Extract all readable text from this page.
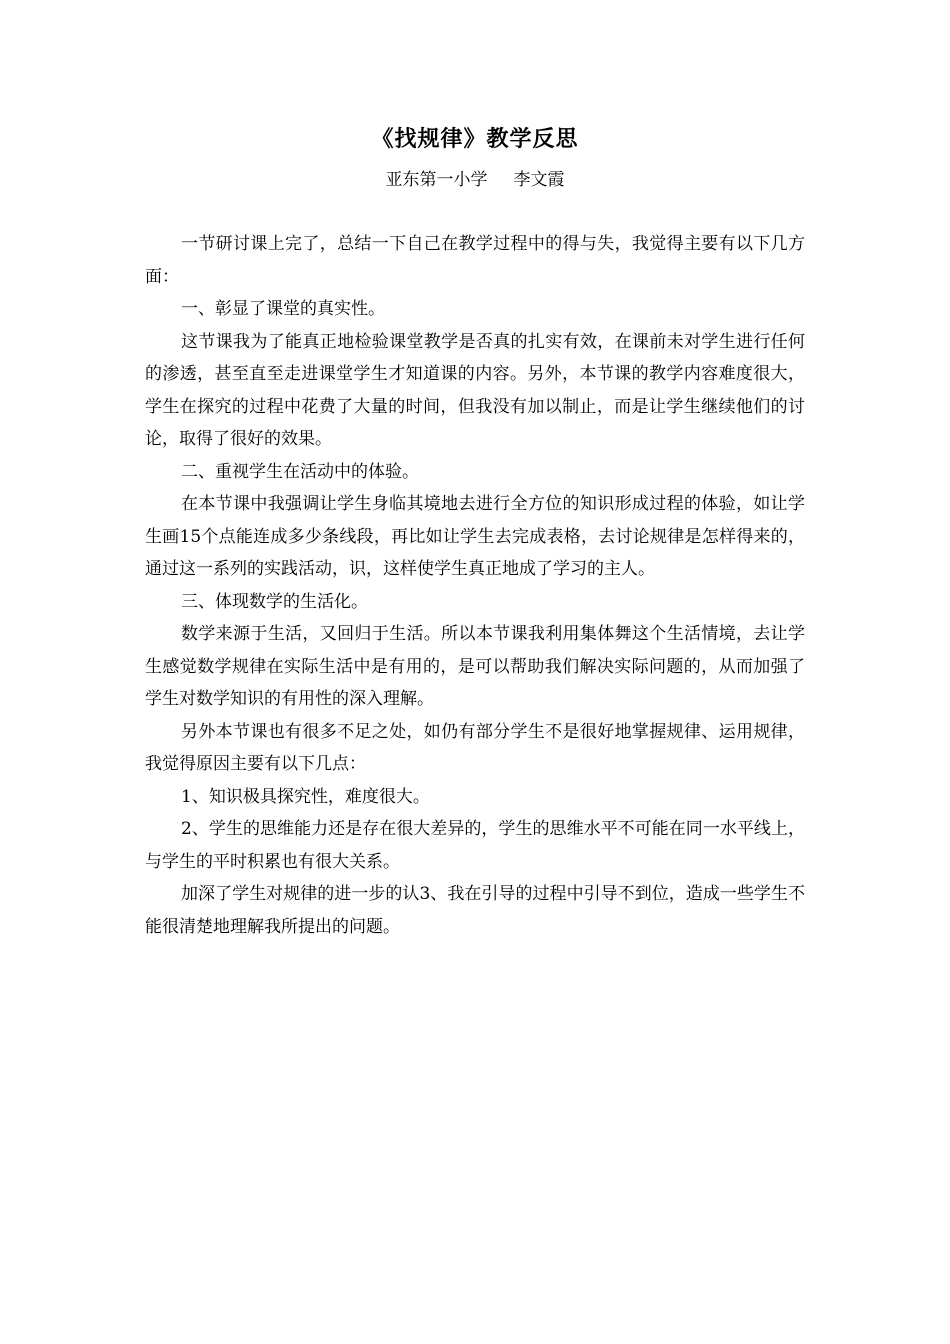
《找规律》教学反思
亚东第一小学 李文霞

一节研讨课上完了，总结一下自己在教学过程中的得与失，我觉得主要有以下几方面：

一、彰显了课堂的真实性。

这节课我为了能真正地检验课堂教学是否真的扎实有效，在课前未对学生进行任何的渗透，甚至直至走进课堂学生才知道课的内容。另外，本节课的教学内容难度很大，学生在探究的过程中花费了大量的时间，但我没有加以制止，而是让学生继续他们的讨论，取得了很好的效果。

二、重视学生在活动中的体验。

在本节课中我强调让学生身临其境地去进行全方位的知识形成过程的体验，如让学生画15个点能连成多少条线段，再比如让学生去完成表格，去讨论规律是怎样得来的，通过这一系列的实践活动，识，这样使学生真正地成了学习的主人。

三、体现数学的生活化。

数学来源于生活，又回归于生活。所以本节课我利用集体舞这个生活情境，去让学生感觉数学规律在实际生活中是有用的，是可以帮助我们解决实际问题的，从而加强了学生对数学知识的有用性的深入理解。

另外本节课也有很多不足之处，如仍有部分学生不是很好地掌握规律、运用规律，我觉得原因主要有以下几点：

1、知识极具探究性，难度很大。

2、学生的思维能力还是存在很大差异的，学生的思维水平不可能在同一水平线上，与学生的平时积累也有很大关系。

加深了学生对规律的进一步的认3、我在引导的过程中引导不到位，造成一些学生不能很清楚地理解我所提出的问题。
